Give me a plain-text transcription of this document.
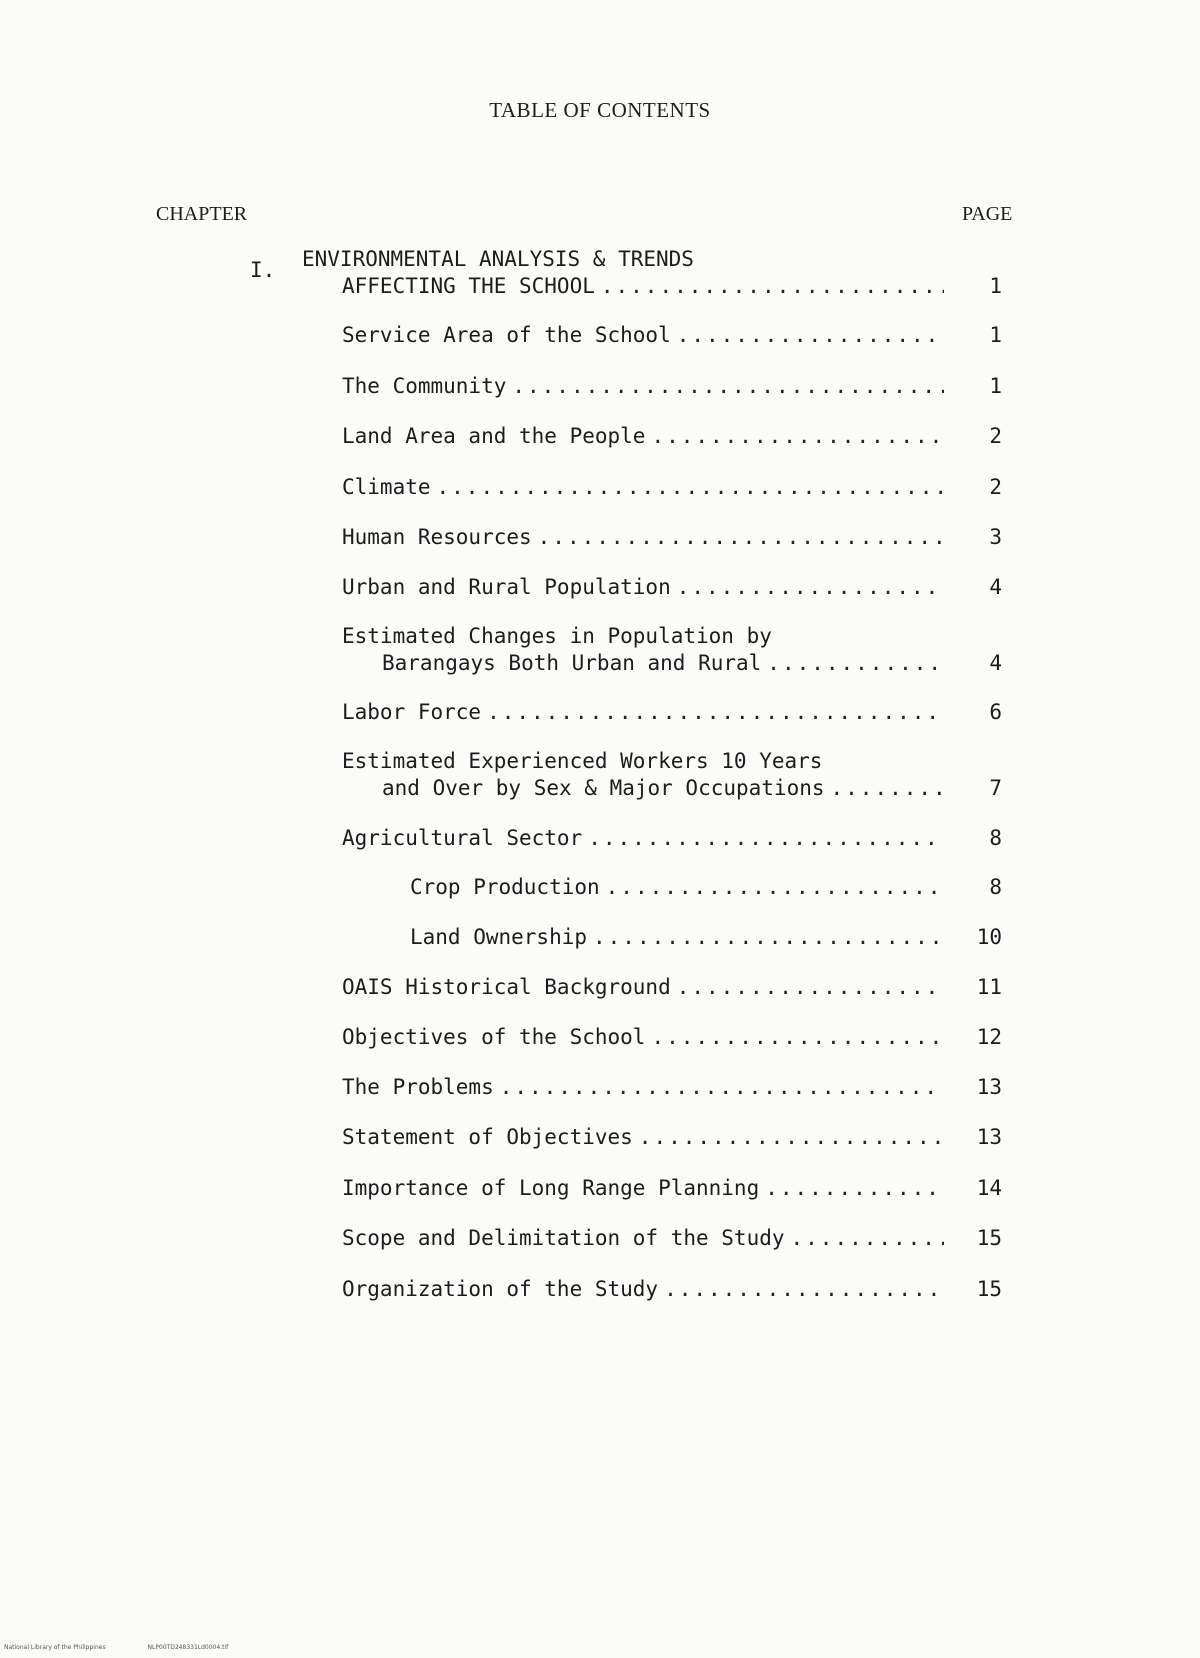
TABLE OF CONTENTS
CHAPTER	PAGE
I. ENVIRONMENTAL ANALYSIS & TRENDS
AFFECTING THE SCHOOL .....	1
Service Area of the School .....	1
The Community .....	1
Land Area and the People .....	2
Climate .....	2
Human Resources .....	3
Urban and Rural Population .....	4
Estimated Changes in Population by
Barangays Both Urban and Rural .....	4
Labor Force .....	6
Estimated Experienced Workers 10 Years
and Over by Sex & Major Occupations .....	7
Agricultural Sector .....	8
Crop Production .....	8
Land Ownership .....	10
OAIS Historical Background .....	11
Objectives of the School .....	12
The Problems .....	13
Statement of Objectives .....	13
Importance of Long Range Planning .....	14
Scope and Delimitation of the Study .....	15
Organization of the Study .....	15
National Library of the Philippines	NLP00TD248331Ld0004.tif
